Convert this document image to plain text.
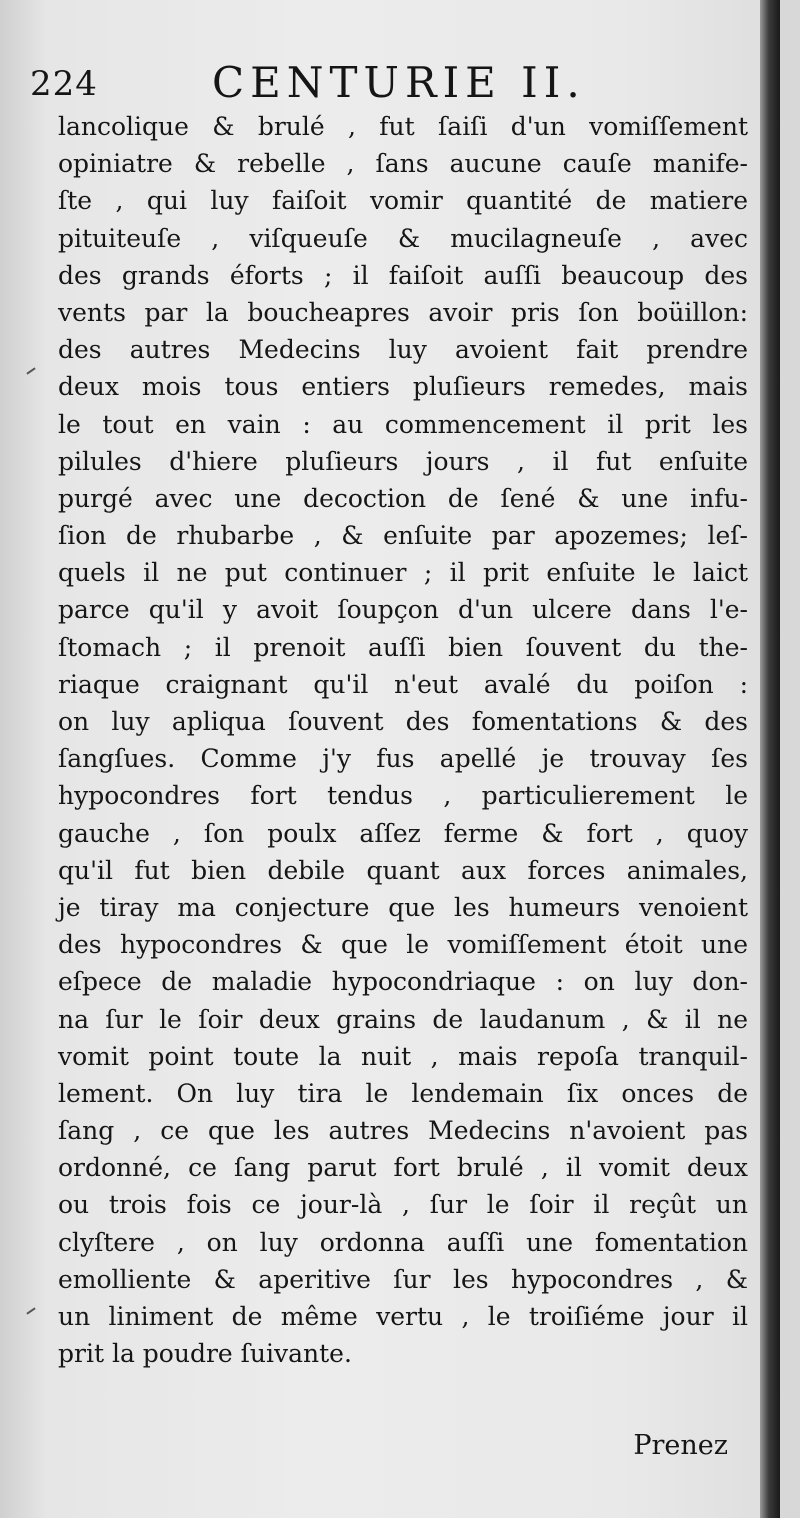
224	CENTURIE II.
lancolique & brulé , fut ſaiſi d'un vomiſſement
opiniatre & rebelle , ſans aucune cauſe manife-
ſte , qui luy faiſoit vomir quantité de matiere
pituiteuſe , viſqueuſe & mucilagneuſe , avec
des grands éforts ; il faiſoit auſſi beaucoup des
vents par la boucheapres avoir pris ſon boüillon:
des autres Medecins luy avoient fait prendre
deux mois tous entiers pluſieurs remedes, mais
le tout en vain : au commencement il prit les
pilules d'hiere pluſieurs jours , il fut enſuite
purgé avec une decoction de ſené & une infu-
ſion de rhubarbe , & enſuite par apozemes; leſ-
quels il ne put continuer ; il prit enſuite le laict
parce qu'il y avoit ſoupçon d'un ulcere dans l'e-
ſtomach ; il prenoit auſſi bien ſouvent du the-
riaque craignant qu'il n'eut avalé du poiſon :
on luy apliqua ſouvent des fomentations & des
ſangſues. Comme j'y fus apellé je trouvay ſes
hypocondres fort tendus , particulierement le
gauche , ſon poulx aſſez ferme & fort , quoy
qu'il fut bien debile quant aux forces animales,
je tiray ma conjecture que les humeurs venoient
des hypocondres & que le vomiſſement étoit une
eſpece de maladie hypocondriaque : on luy don-
na ſur le ſoir deux grains de laudanum , & il ne
vomit point toute la nuit , mais repoſa tranquil-
lement. On luy tira le lendemain ſix onces de
ſang , ce que les autres Medecins n'avoient pas
ordonné, ce ſang parut fort brulé , il vomit deux
ou trois fois ce jour-là , ſur le ſoir il reçût un
clyſtere , on luy ordonna auſſi une fomentation
emolliente & aperitive ſur les hypocondres , &
un liniment de même vertu , le troiſiéme jour il
prit la poudre ſuivante.
Prenez
